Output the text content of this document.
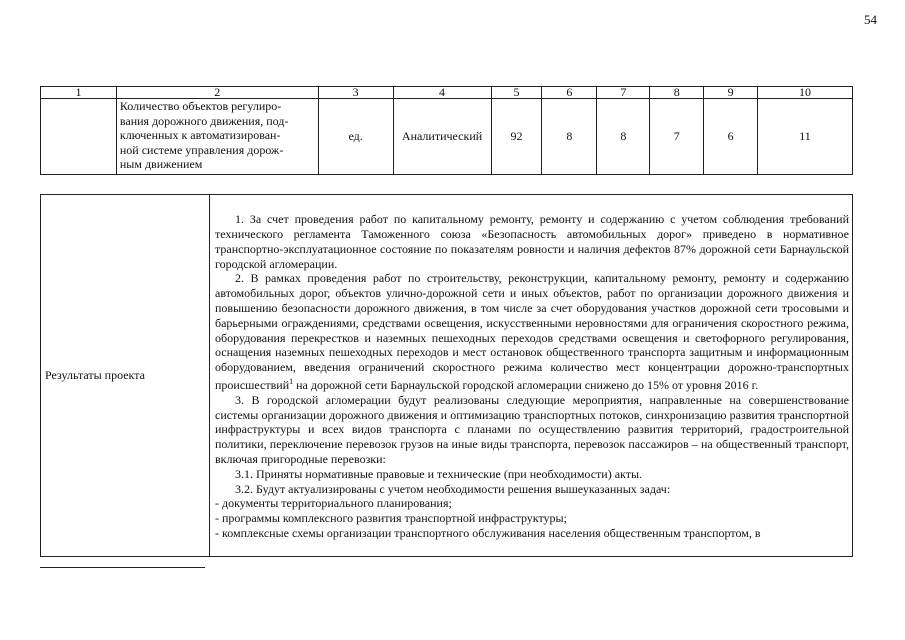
54
1	2	3	4	5	6	7	8	9	10

	Количество объектов регулиро-
вания дорожного движения, под-
ключенных к автоматизирован-
ной системе управления дорож-
ным движением	ед.	Аналитический	92	8	8	7	6	11
Результаты проекта	

1. За счет проведения работ по капитальному ремонту, ремонту и содержанию с учетом соблюдения требований технического регламента Таможенного союза «Безопасность автомобильных дорог» приведено в нормативное транспортно-эксплуатационное состояние по показателям ровности и наличия дефектов 87% дорожной сети Барнаульской городской агломерации.

2. В рамках проведения работ по строительству, реконструкции, капитальному ремонту, ремонту и содержанию автомобильных дорог, объектов улично-дорожной сети и иных объектов, работ по организации дорожного движения и повышению безопасности дорожного движения, в том числе за счет оборудования участков дорожной сети тросовыми и барьерными ограждениями, средствами освещения, искусственными неровностями для ограничения скоростного режима, оборудования перекрестков и наземных пешеходных переходов средствами освещения и светофорного регулирования, оснащения наземных пешеходных переходов и мест остановок общественного транспорта защитным и информационным оборудованием, введения ограничений скоростного режима количество мест концентрации дорожно-транспортных происшествий$^1$ на дорожной сети Барнаульской городской агломерации снижено до 15% от уровня 2016 г.

3. В городской агломерации будут реализованы следующие мероприятия, направленные на совершенствование системы организации дорожного движения и оптимизацию транспортных потоков, синхронизацию развития транспортной инфраструктуры и всех видов транспорта с планами по осуществлению развития территорий, градостроительной политики, переключение перевозок грузов на иные виды транспорта, перевозок пассажиров – на общественный транспорт, включая пригородные перевозки:

3.1. Приняты нормативные правовые и технические (при необходимости) акты.

3.2. Будут актуализированы с учетом необходимости решения вышеуказанных задач:

- документы территориального планирования;

- программы комплексного развития транспортной инфраструктуры;

- комплексные схемы организации транспортного обслуживания населения общественным транспортом, в
